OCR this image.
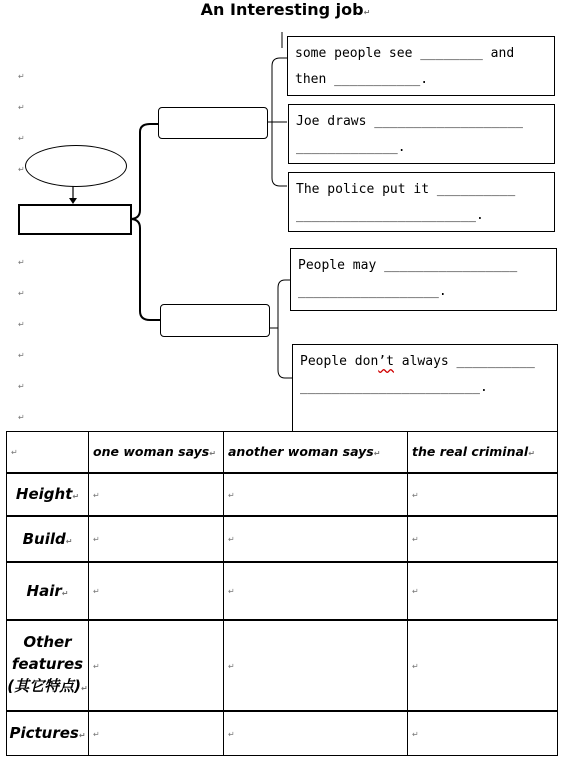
An Interesting job↵
some people see ________ and then ___________.
Joe draws ___________________ _____________.
The police put it __________ _______________________.
People may _________________ __________________.
People don’t always __________ _______________________.
↵
↵
↵
↵
↵
↵
↵
↵
↵
↵
↵	one woman says↵	another woman says↵	the real criminal↵
Height↵	↵	↵	↵
Build↵	↵	↵	↵
Hair↵	↵	↵	↵
Other features (其它特点)↵	↵	↵	↵
Pictures↵	↵	↵	↵
